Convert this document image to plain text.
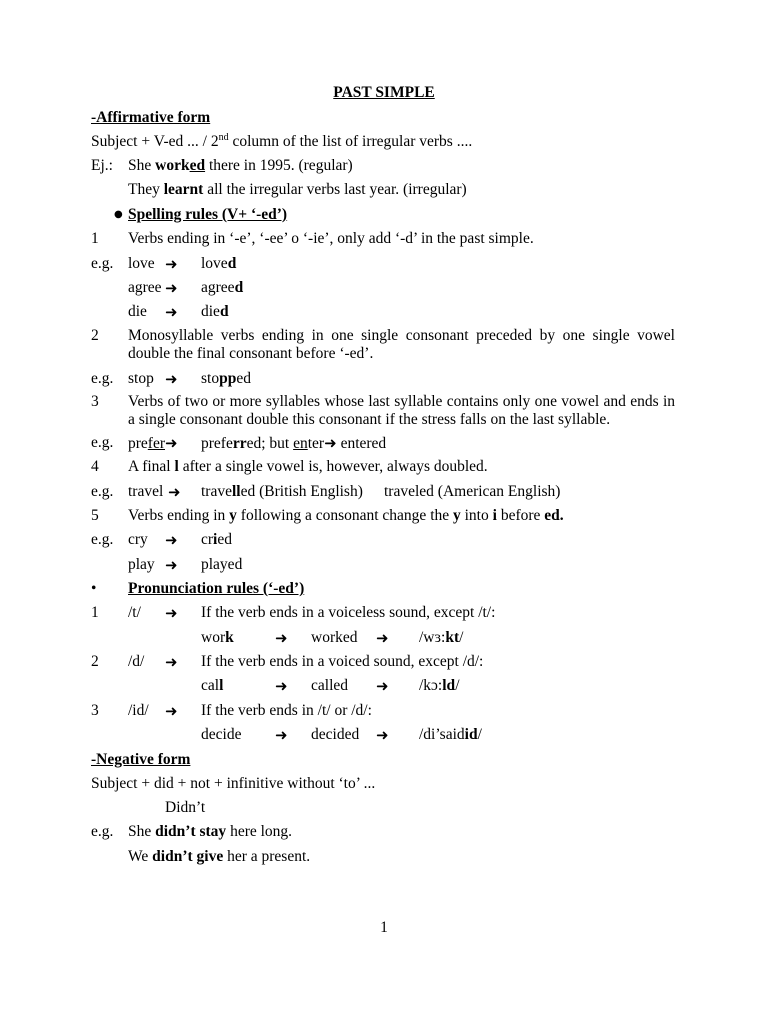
PAST SIMPLE
-Affirmative form
Subject + V-ed ... / 2nd column of the list of irregular verbs ....
Ej.: She worked there in 1995. (regular)
They learnt all the irregular verbs last year. (irregular)
● Spelling rules (V+ ‘-ed’)
1 Verbs ending in ‘-e’, ‘-ee’ o ‘-ie’, only add ‘-d’ in the past simple.
e.g. love ➜ loved
agree ➜ agreed
die ➜ died
2 Monosyllable verbs ending in one single consonant preceded by one single vowel
double the final consonant before ‘-ed’.
e.g. stop ➜ stopped
3 Verbs of two or more syllables whose last syllable contains only one vowel and ends in
a single consonant double this consonant if the stress falls on the last syllable.
e.g. prefer➜ preferred; but enter➜ entered
4 A final l after a single vowel is, however, always doubled.
e.g. travel ➜ travelled (British English) traveled (American English)
5 Verbs ending in y following a consonant change the y into i before ed.
e.g. cry ➜ cried
play ➜ played
• Pronunciation rules (‘-ed’)
1 /t/ ➜ If the verb ends in a voiceless sound, except /t/:
work	➜ worked ➜ /wɜ:kt/
2 /d/ ➜ If the verb ends in a voiced sound, except /d/:
call	➜ called ➜ /kɔ:ld/
3 /id/ ➜ If the verb ends in /t/ or /d/:
decide ➜ decided ➜ /di’saidid/
-Negative form
Subject + did + not + infinitive without ‘to’ ...
Didn’t
e.g. She didn’t stay here long.
We didn’t give her a present.
1
